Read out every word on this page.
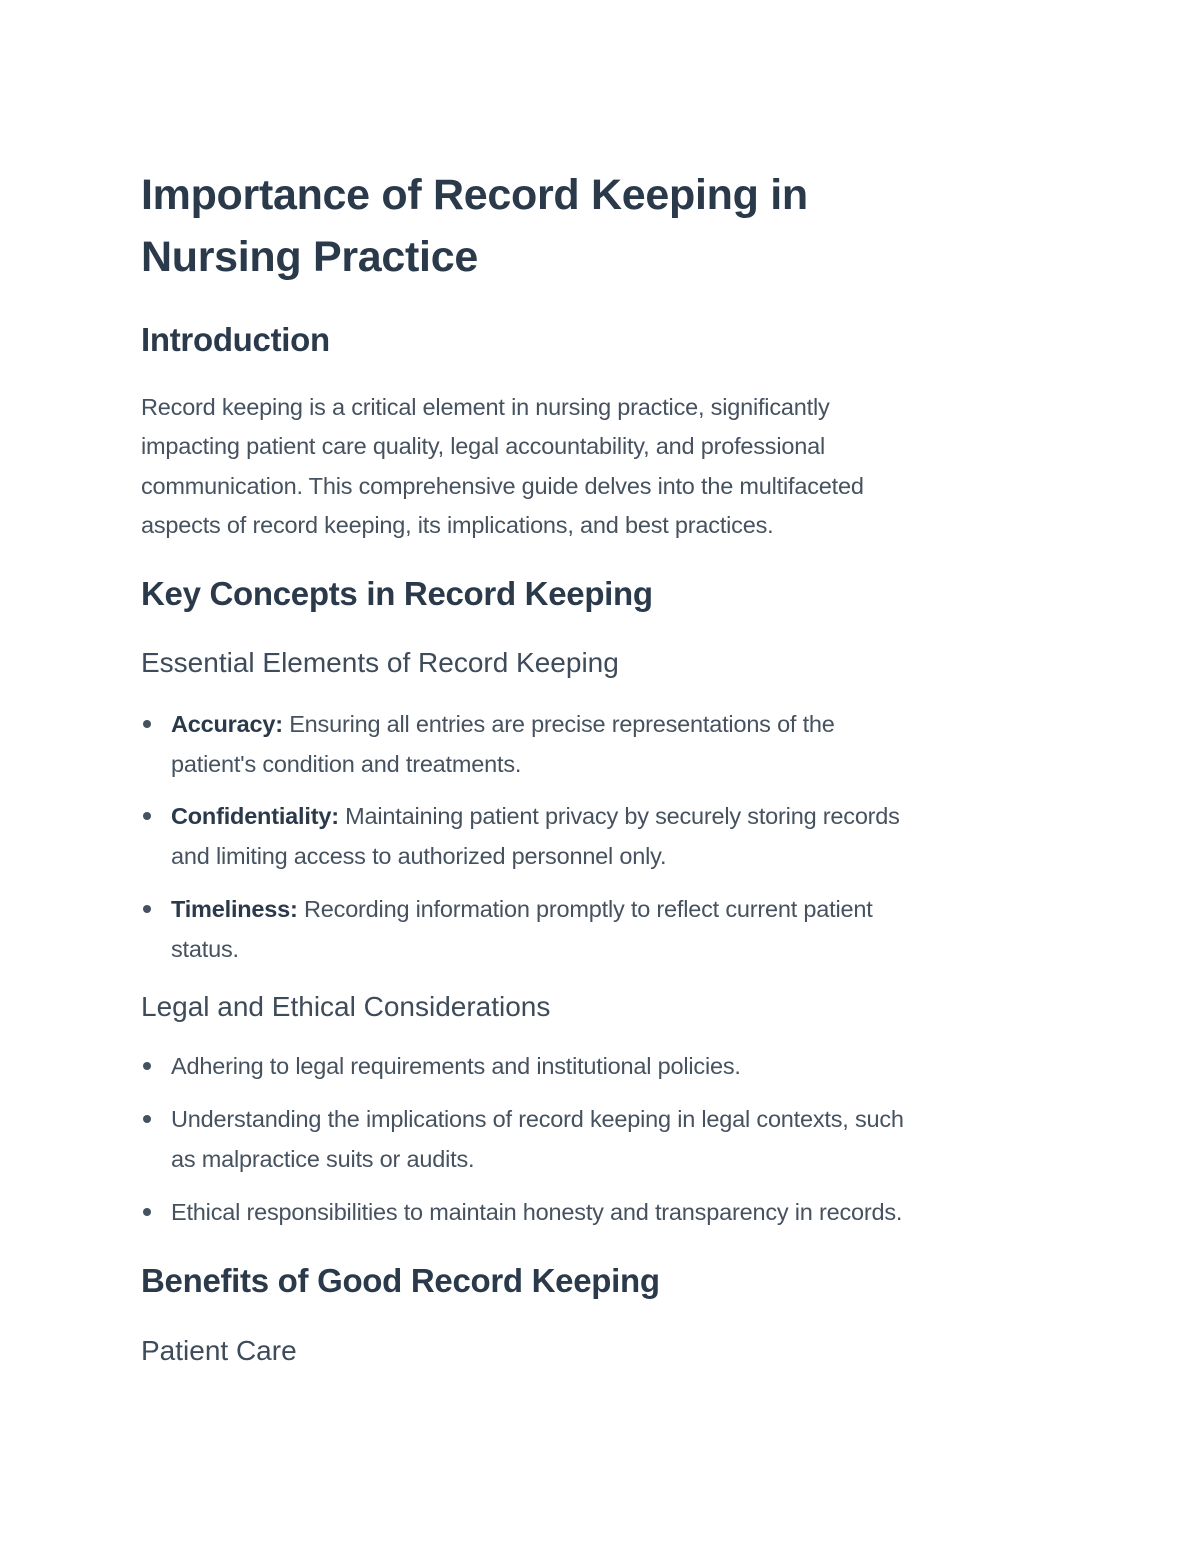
Importance of Record Keeping in
Nursing Practice
Introduction
Record keeping is a critical element in nursing practice, significantly
impacting patient care quality, legal accountability, and professional
communication. This comprehensive guide delves into the multifaceted
aspects of record keeping, its implications, and best practices.
Key Concepts in Record Keeping
Essential Elements of Record Keeping
Accuracy: Ensuring all entries are precise representations of the
patient's condition and treatments.
Confidentiality: Maintaining patient privacy by securely storing records
and limiting access to authorized personnel only.
Timeliness: Recording information promptly to reflect current patient
status.
Legal and Ethical Considerations
Adhering to legal requirements and institutional policies.
Understanding the implications of record keeping in legal contexts, such
as malpractice suits or audits.
Ethical responsibilities to maintain honesty and transparency in records.
Benefits of Good Record Keeping
Patient Care
